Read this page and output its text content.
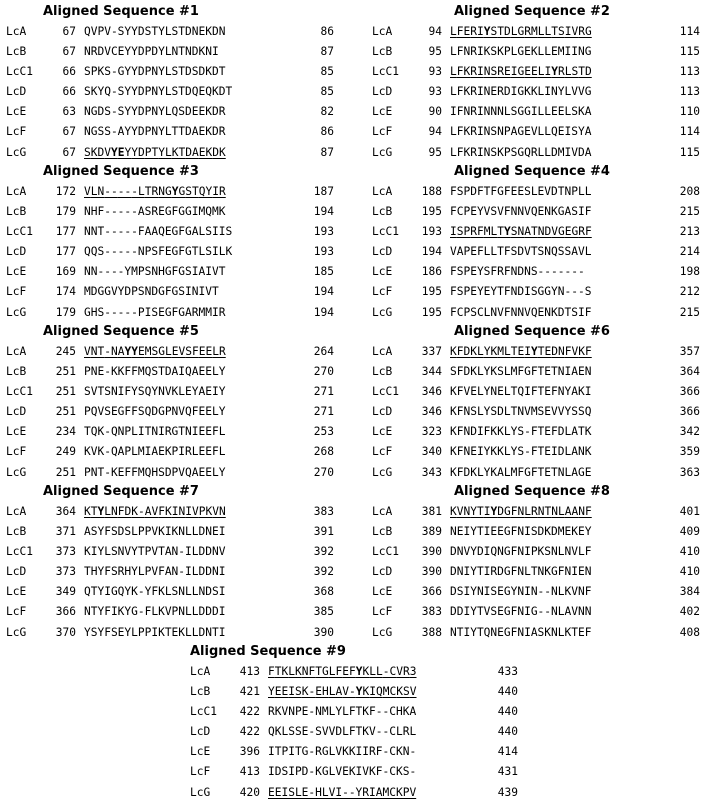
Aligned Sequence #1
LcA	67 QVPV-SYYDSTYLSTDNEKDN	86
LcB	67 NRDVCEYYDPDYLNTNDKNI	87
LcC1	66 SPKS-GYYDPNYLSTDSDKDT	85
LcD	66 SKYQ-SYYDPNYLSTDQEQKDT	85
LcE	63 NGDS-SYYDPNYLQSDEEKDR	82
LcF	67 NGSS-AYYDPNYLTTDAEKDR	86
LcG	67 SKDVYEYYDPTYLKTDAEKDK	87
Aligned Sequence #2
LcA	94 LFERIYSTDLGRMLLTSIVRG	114
LcB	95 LFNRIKSKPLGEKLLEMIING	115
LcC1	93 LFKRINSREIGEELIYRLSTD	113
LcD	93 LFKRINERDIGKKLINYLVVG	113
LcE	90 IFNRINNNLSGGILLEELSKA	110
LcF	94 LFKRINSNPAGEVLLQEISYA	114
LcG	95 LFKRINSKPSGQRLLDMIVDA	115
Aligned Sequence #3
LcA	172 VLN-----LTRNGYGSTQYIR	187
LcB	179 NHF-----ASREGFGGIMQMK	194
LcC1	177 NNT-----FAAQEGFGALSIIS	193
LcD	177 QQS-----NPSFEGFGTLSILK	193
LcE	169 NN----YMPSNHGFGSIAIVT	185
LcF	174 MDGGVYDPSNDGFGSINIVT	194
LcG	179 GHS-----PISEGFGARMMIR	194
Aligned Sequence #4
LcA	188 FSPDFTFGFEESLEVDTNPLL	208
LcB	195 FCPEYVSVFNNVQENKGASIF	215
LcC1	193 ISPRFMLTYSNATNDVGEGRF	213
LcD	194 VAPEFLLTFSDVTSNQSSAVL	214
LcE	186 FSPEYSFRFNDNS-------	198
LcF	195 FSPEYEYTFNDISGGYN---S	212
LcG	195 FCPSCLNVFNNVQENKDTSIF	215
Aligned Sequence #5
LcA	245 VNT-NAYYEMSGLEVSFEELR	264
LcB	251 PNE-KKFFMQSTDAIQAEELY	270
LcC1	251 SVTSNIFYSQYNVKLEYAEIY	271
LcD	251 PQVSEGFFSQDGPNVQFEELY	271
LcE	234 TQK-QNPLITNIRGTNIEEFL	253
LcF	249 KVK-QAPLMIAEKPIRLEEFL	268
LcG	251 PNT-KEFFMQHSDPVQAEELY	270
Aligned Sequence #6
LcA	337 KFDKLYKMLTEIYTEDNFVKF	357
LcB	344 SFDKLYKSLMFGFTETNIAEN	364
LcC1	346 KFVELYNELTQIFTEFNYAKI	366
LcD	346 KFNSLYSDLTNVMSEVVYSSQ	366
LcE	323 KFNDIFKKLYS-FTEFDLATK	342
LcF	340 KFNEIYKKLYS-FTEIDLANK	359
LcG	343 KFDKLYKALMFGFTETNLAGE	363
Aligned Sequence #7
LcA	364 KTYLNFDK-AVFKINIVPKVN	383
LcB	371 ASYFSDSLPPVKIKNLLDNEI	391
LcC1	373 KIYLSNVYTPVTAN-ILDDNV	392
LcD	373 THYFSRHYLPVFAN-ILDDNI	392
LcE	349 QTYIGQYK-YFKLSNLLNDSI	368
LcF	366 NTYFIKYG-FLKVPNLLDDDI	385
LcG	370 YSYFSEYLPPIKTEKLLDNTI	390
Aligned Sequence #8
LcA	381 KVNYTIYDGFNLRNTNLAANF	401
LcB	389 NEIYTIEEGFNISDKDMEKEY	409
LcC1	390 DNVYDIQNGFNIPKSNLNVLF	410
LcD	390 DNIYTIRDGFNLTNKGFNIEN	410
LcE	366 DSIYNISEGYNIN--NLKVNF	384
LcF	383 DDIYTVSEGFNIG--NLAVNN	402
LcG	388 NTIYTQNEGFNIASKNLKTEF	408
Aligned Sequence #9
LcA	413 FTKLKNFTGLFEFYKLL-CVR3	433
LcB	421 YEEISK-EHLAV-YKIQMCKSV	440
LcC1	422 RKVNPE-NMLYLFTKF--CHKA	440
LcD	422 QKLSSE-SVVDLFTKV--CLRL	440
LcE	396 ITPITG-RGLVKKIIRF-CKN-	414
LcF	413 IDSIPD-KGLVEKIVKF-CKS-	431
LcG	420 EEISLE-HLVI--YRIAMCKPV	439
